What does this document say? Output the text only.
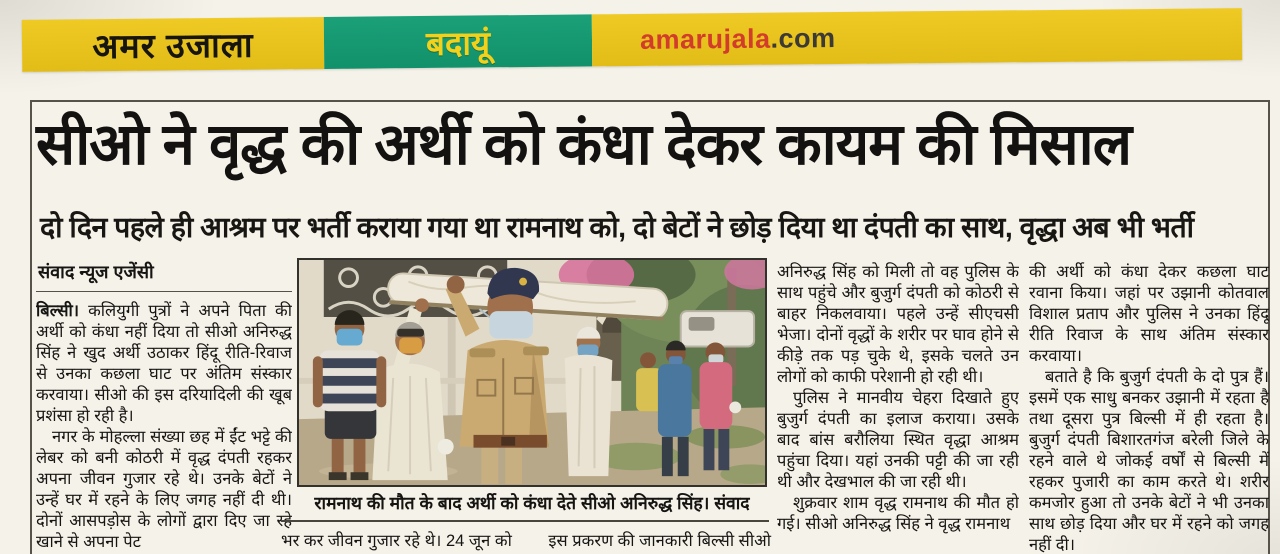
अमर उजाला	बदायूं	amarujala.com
सीओ ने वृद्ध की अर्थी को कंधा देकर कायम की मिसाल
दो दिन पहले ही आश्रम पर भर्ती कराया गया था रामनाथ को, दो बेटों ने छोड़ दिया था दंपती का साथ, वृद्धा अब भी भर्ती
संवाद न्यूज एजेंसी

बिल्सी। कलियुगी पुत्रों ने अपने पिता की अर्थी को कंधा नहीं दिया तो सीओ अनिरुद्ध सिंह ने खुद अर्थी उठाकर हिंदू रीति-रिवाज से उनका कछला घाट पर अंतिम संस्कार करवाया। सीओ की इस दरियादिली की खूब प्रशंसा हो रही है।

नगर के मोहल्ला संख्या छह में ईंट भट्टे की लेबर को बनी कोठरी में वृद्ध दंपती रहकर अपना जीवन गुजार रहे थे। उनके बेटों ने उन्हें घर में रहने के लिए जगह नहीं दी थी। दोनों आसपड़ोस के लोगों द्वारा दिए जा रहे खाने से अपना पेट

रामनाथ की मौत के बाद अर्थी को कंधा देते सीओ अनिरुद्ध सिंह। संवाद
भर कर जीवन गुजार रहे थे। 24 जून को इस प्रकरण की जानकारी बिल्सी सीओ

अनिरुद्ध सिंह को मिली तो वह पुलिस के साथ पहुंचे और बुजुर्ग दंपती को कोठरी से बाहर निकलवाया। पहले उन्हें सीएचसी भेजा। दोनों वृद्धों के शरीर पर घाव होने से कीड़े तक पड़ चुके थे, इसके चलते उन लोगों को काफी परेशानी हो रही थी।

पुलिस ने मानवीय चेहरा दिखाते हुए बुजुर्ग दंपती का इलाज कराया। उसके बाद बांस बरौलिया स्थित वृद्धा आश्रम पहुंचा दिया। यहां उनकी पट्टी की जा रही थी और देखभाल की जा रही थी।

शुक्रवार शाम वृद्ध रामनाथ की मौत हो गई। सीओ अनिरुद्ध सिंह ने वृद्ध रामनाथ

की अर्थी को कंधा देकर कछला घाट रवाना किया। जहां पर उझानी कोतवाल विशाल प्रताप और पुलिस ने उनका हिंदू रीति रिवाज के साथ अंतिम संस्कार करवाया।

बताते है कि बुजुर्ग दंपती के दो पुत्र हैं। इसमें एक साधु बनकर उझानी में रहता है तथा दूसरा पुत्र बिल्सी में ही रहता है। बुजुर्ग दंपती बिशारतगंज बरेली जिले के रहने वाले थे जोकई वर्षों से बिल्सी में रहकर पुजारी का काम करते थे। शरीर कमजोर हुआ तो उनके बेटों ने भी उनका साथ छोड़ दिया और घर में रहने को जगह नहीं दी।
